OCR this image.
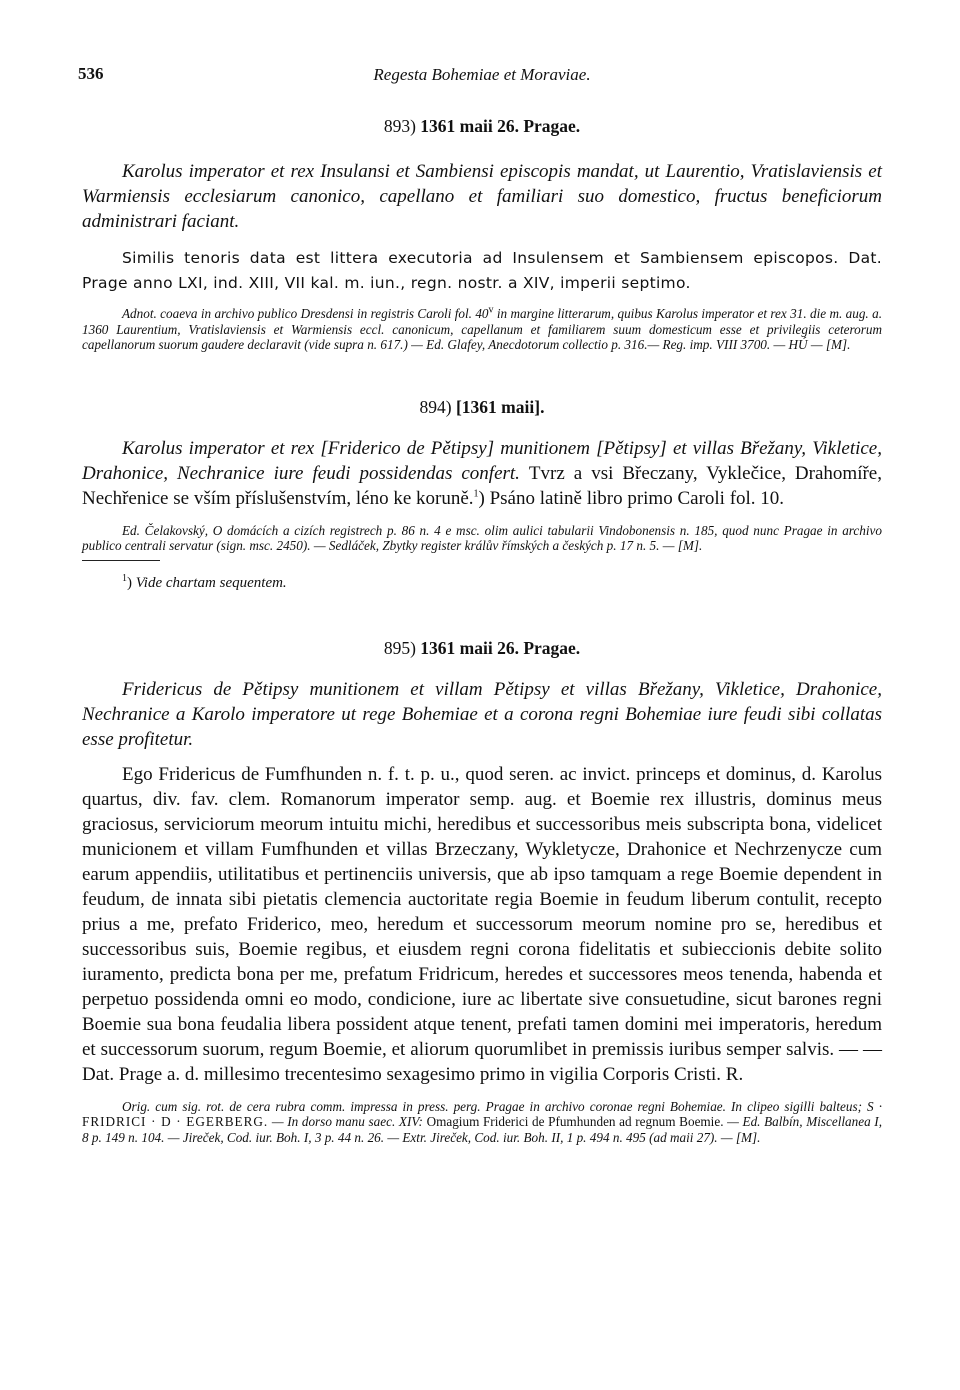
536	Regesta Bohemiae et Moraviae.

893) 1361 maii 26. Pragae.

Karolus imperator et rex Insulansi et Sambiensi episcopis mandat, ut Laurentio, Vratislaviensis et Warmiensis ecclesiarum canonico, capellano et familiari suo domestico, fructus beneficiorum administrari faciant.

Similis tenoris data est littera executoria ad Insulensem et Sambiensem episcopos. Dat. Prage anno LXI, ind. XIII, VII kal. m. iun., regn. nostr. a XIV, imperii septimo.

Adnot. coaeva in archivo publico Dresdensi in registris Caroli fol. 40$^v$ in margine litterarum, quibus Karolus imperator et rex 31. die m. aug. a. 1360 Laurentium, Vratislaviensis et Warmiensis eccl. canonicum, capellanum et familiarem suum domesticum esse et privilegiis ceterorum capellanorum suorum gaudere declaravit (vide supra n. 617.) — Ed. Glafey, Anecdotorum collectio p. 316.— Reg. imp. VIII 3700. — HÚ — [M].

894) [1361 maii].

Karolus imperator et rex [Friderico de Pětipsy] munitionem [Pětipsy] et villas Břežany, Vikletice, Drahonice, Nechranice iure feudi possidendas confert. Tvrz a vsi Břeczany, Vyklečice, Drahomíře, Nechřenice se vším příslušenstvím, léno ke koruně.$^1$) Psáno latině libro primo Caroli fol. 10.

Ed. Čelakovský, O domácích a cizích registrech p. 86 n. 4 e msc. olim aulici tabularii Vindobonensis n. 185, quod nunc Pragae in archivo publico centrali servatur (sign. msc. 2450). — Sedláček, Zbytky register králův římských a českých p. 17 n. 5. — [M].

$^1$) Vide chartam sequentem.

895) 1361 maii 26. Pragae.

Fridericus de Pětipsy munitionem et villam Pětipsy et villas Břežany, Vikletice, Drahonice, Nechranice a Karolo imperatore ut rege Bohemiae et a corona regni Bohemiae iure feudi sibi collatas esse profitetur.

Ego Fridericus de Fumfhunden n. f. t. p. u., quod seren. ac invict. princeps et dominus, d. Karolus quartus, div. fav. clem. Romanorum imperator semp. aug. et Boemie rex illustris, dominus meus graciosus, serviciorum meorum intuitu michi, heredibus et successoribus meis subscripta bona, videlicet municionem et villam Fumfhunden et villas Brzeczany, Wykletycze, Drahonice et Nechrzenycze cum earum appendiis, utilitatibus et pertinenciis universis, que ab ipso tamquam a rege Boemie dependent in feudum, de innata sibi pietatis clemencia auctoritate regia Boemie in feudum liberum contulit, recepto prius a me, prefato Friderico, meo, heredum et successorum meorum nomine pro se, heredibus et successoribus suis, Boemie regibus, et eiusdem regni corona fidelitatis et subieccionis debite solito iuramento, predicta bona per me, prefatum Fridricum, heredes et successores meos tenenda, habenda et perpetuo possidenda omni eo modo, condicione, iure ac libertate sive consuetudine, sicut barones regni Boemie sua bona feudalia libera possident atque tenent, prefati tamen domini mei imperatoris, heredum et successorum suorum, regum Boemie, et aliorum quorumlibet in premissis iuribus semper salvis. — — Dat. Prage a. d. millesimo trecentesimo sexagesimo primo in vigilia Corporis Cristi. R.

Orig. cum sig. rot. de cera rubra comm. impressa in press. perg. Pragae in archivo coronae regni Bohemiae. In clipeo sigilli balteus; S · FRIDRICI · D · EGERBERG. — In dorso manu saec. XIV: Omagium Friderici de Pfumhunden ad regnum Boemie. — Ed. Balbín, Miscellanea I, 8 p. 149 n. 104. — Jireček, Cod. iur. Boh. I, 3 p. 44 n. 26. — Extr. Jireček, Cod. iur. Boh. II, 1 p. 494 n. 495 (ad maii 27). — [M].
